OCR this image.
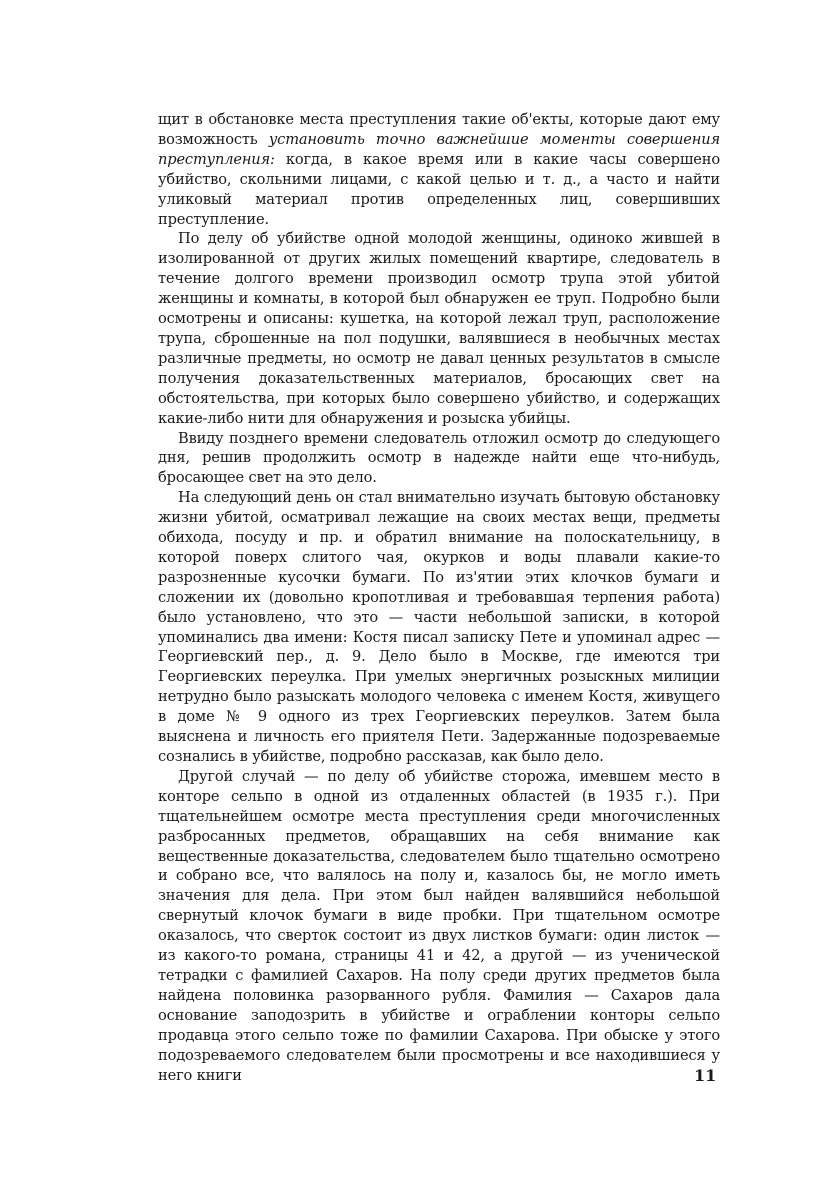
щит в обстановке места преступления такие об'екты, которые дают ему возможность установить точно важнейшие моменты совершения преступления: когда, в какое время или в какие часы совершено убийство, скольними лицами, с какой целью и т. д., а часто и найти уликовый материал против определенных лиц, совершивших преступление.

По делу об убийстве одной молодой женщины, одиноко жившей в изолированной от других жилых помещений квартире, следователь в течение долгого времени производил осмотр трупа этой убитой женщины и комнаты, в которой был обнаружен ее труп. Подробно были осмотрены и описаны: кушетка, на которой лежал труп, расположение трупа, сброшенные на пол подушки, валявшиеся в необычных местах различные предметы, но осмотр не давал ценных результатов в смысле получения доказательственных материалов, бросающих свет на обстоятельства, при которых было совершено убийство, и содержащих какие-либо нити для обнаружения и розыска убийцы.

Ввиду позднего времени следователь отложил осмотр до следующего дня, решив продолжить осмотр в надежде найти еще что-нибудь, бросающее свет на это дело.

На следующий день он стал внимательно изучать бытовую обстановку жизни убитой, осматривал лежащие на своих местах вещи, предметы обихода, посуду и пр. и обратил внимание на полоскательницу, в которой поверх слитого чая, окурков и воды плавали какие-то разрозненные кусочки бумаги. По из'ятии этих клочков бумаги и сложении их (довольно кропотливая и требовавшая терпения работа) было установлено, что это — части небольшой записки, в которой упоминались два имени: Костя писал записку Пете и упоминал адрес — Георгиевский пер., д. 9. Дело было в Москве, где имеются три Георгиевских переулка. При умелых энергичных розыскных милиции нетрудно было разыскать молодого человека с именем Костя, живущего в доме № 9 одного из трех Георгиевских переулков. Затем была выяснена и личность его приятеля Пети. Задержанные подозреваемые сознались в убийстве, подробно рассказав, как было дело.

Другой случай — по делу об убийстве сторожа, имевшем место в конторе сельпо в одной из отдаленных областей (в 1935 г.). При тщательнейшем осмотре места преступления среди многочисленных разбросанных предметов, обращавших на себя внимание как вещественные доказательства, следователем было тщательно осмотрено и собрано все, что валялось на полу и, казалось бы, не могло иметь значения для дела. При этом был найден валявшийся небольшой свернутый клочок бумаги в виде пробки. При тщательном осмотре оказалось, что сверток состоит из двух листков бумаги: один листок — из какого-то романа, страницы 41 и 42, а другой — из ученической тетрадки с фамилией Сахаров. На полу среди других предметов была найдена половинка разорванного рубля. Фамилия — Сахаров дала основание заподозрить в убийстве и ограблении конторы сельпо продавца этого сельпо тоже по фамилии Сахарова. При обыске у этого подозреваемого следователем были просмотрены и все находившиеся у него книги	11
